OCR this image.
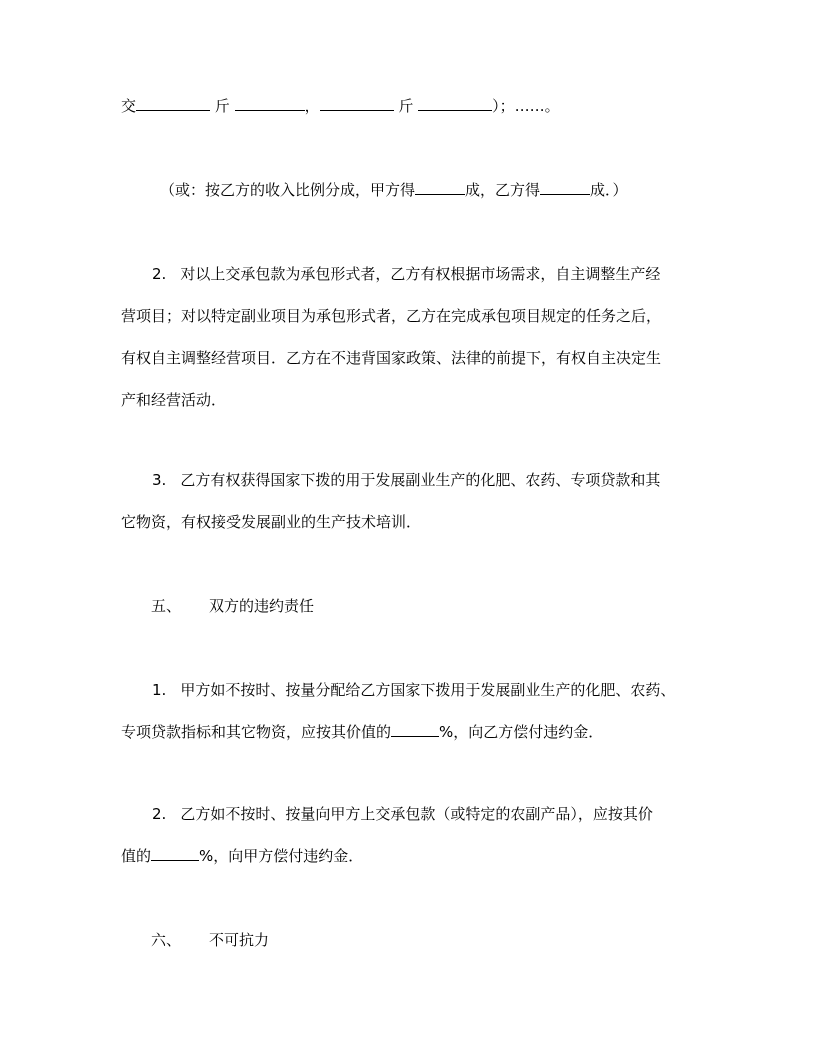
交	斤	，	斤	）；……。
（或：按乙方的收入比例分成，甲方得	成，乙方得	成．）
2. 对以上交承包款为承包形式者，乙方有权根据市场需求，自主调整生产经
营项目；对以特定副业项目为承包形式者，乙方在完成承包项目规定的任务之后，
有权自主调整经营项目．乙方在不违背国家政策、法律的前提下，有权自主决定生
产和经营活动．
3. 乙方有权获得国家下拨的用于发展副业生产的化肥、农药、专项贷款和其
它物资，有权接受发展副业的生产技术培训．
五、 双方的违约责任
1. 甲方如不按时、按量分配给乙方国家下拨用于发展副业生产的化肥、农药、
专项贷款指标和其它物资，应按其价值的	%，向乙方偿付违约金．
2. 乙方如不按时、按量向甲方上交承包款（或特定的农副产品），应按其价
值的	%，向甲方偿付违约金．
六、 不可抗力
